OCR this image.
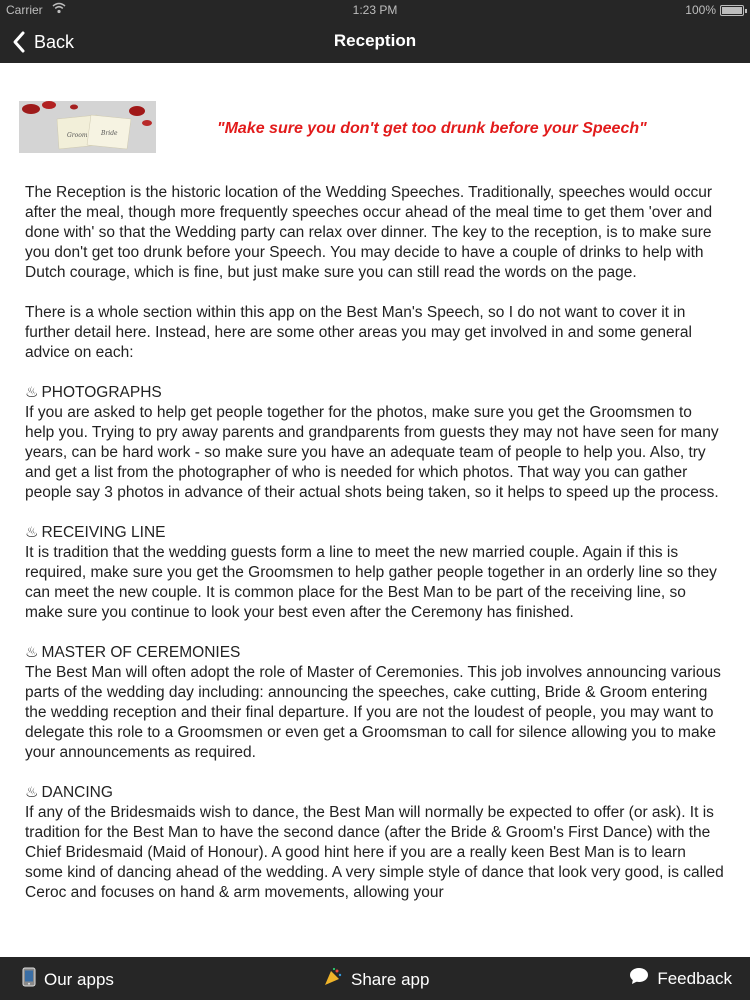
Carrier	1:23 PM	100%
Back	Reception
Groom Bride	"Make sure you don't get too drunk before your Speech"

The Reception is the historic location of the Wedding Speeches. Traditionally, speeches would occur after the meal, though more frequently speeches occur ahead of the meal time to get them 'over and done with' so that the Wedding party can relax over dinner. The key to the reception, is to make sure you don't get too drunk before your Speech. You may decide to have a couple of drinks to help with Dutch courage, which is fine, but just make sure you can still read the words on the page.

There is a whole section within this app on the Best Man's Speech, so I do not want to cover it in further detail here. Instead, here are some other areas you may get involved in and some general advice on each:

♨ PHOTOGRAPHS

If you are asked to help get people together for the photos, make sure you get the Groomsmen to help you. Trying to pry away parents and grandparents from guests they may not have seen for many years, can be hard work - so make sure you have an adequate team of people to help you. Also, try and get a list from the photographer of who is needed for which photos. That way you can gather people say 3 photos in advance of their actual shots being taken, so it helps to speed up the process.

♨ RECEIVING LINE

It is tradition that the wedding guests form a line to meet the new married couple. Again if this is required, make sure you get the Groomsmen to help gather people together in an orderly line so they can meet the new couple. It is common place for the Best Man to be part of the receiving line, so make sure you continue to look your best even after the Ceremony has finished.

♨ MASTER OF CEREMONIES

The Best Man will often adopt the role of Master of Ceremonies. This job involves announcing various parts of the wedding day including: announcing the speeches, cake cutting, Bride & Groom entering the wedding reception and their final departure. If you are not the loudest of people, you may want to delegate this role to a Groomsmen or even get a Groomsman to call for silence allowing you to make your announcements as required.

♨ DANCING

If any of the Bridesmaids wish to dance, the Best Man will normally be expected to offer (or ask). It is tradition for the Best Man to have the second dance (after the Bride & Groom's First Dance) with the Chief Bridesmaid (Maid of Honour). A good hint here if you are a really keen Best Man is to learn some kind of dancing ahead of the wedding. A very simple style of dance that look very good, is called Ceroc and focuses on hand & arm movements, allowing your

Our apps	Share app	Feedback
